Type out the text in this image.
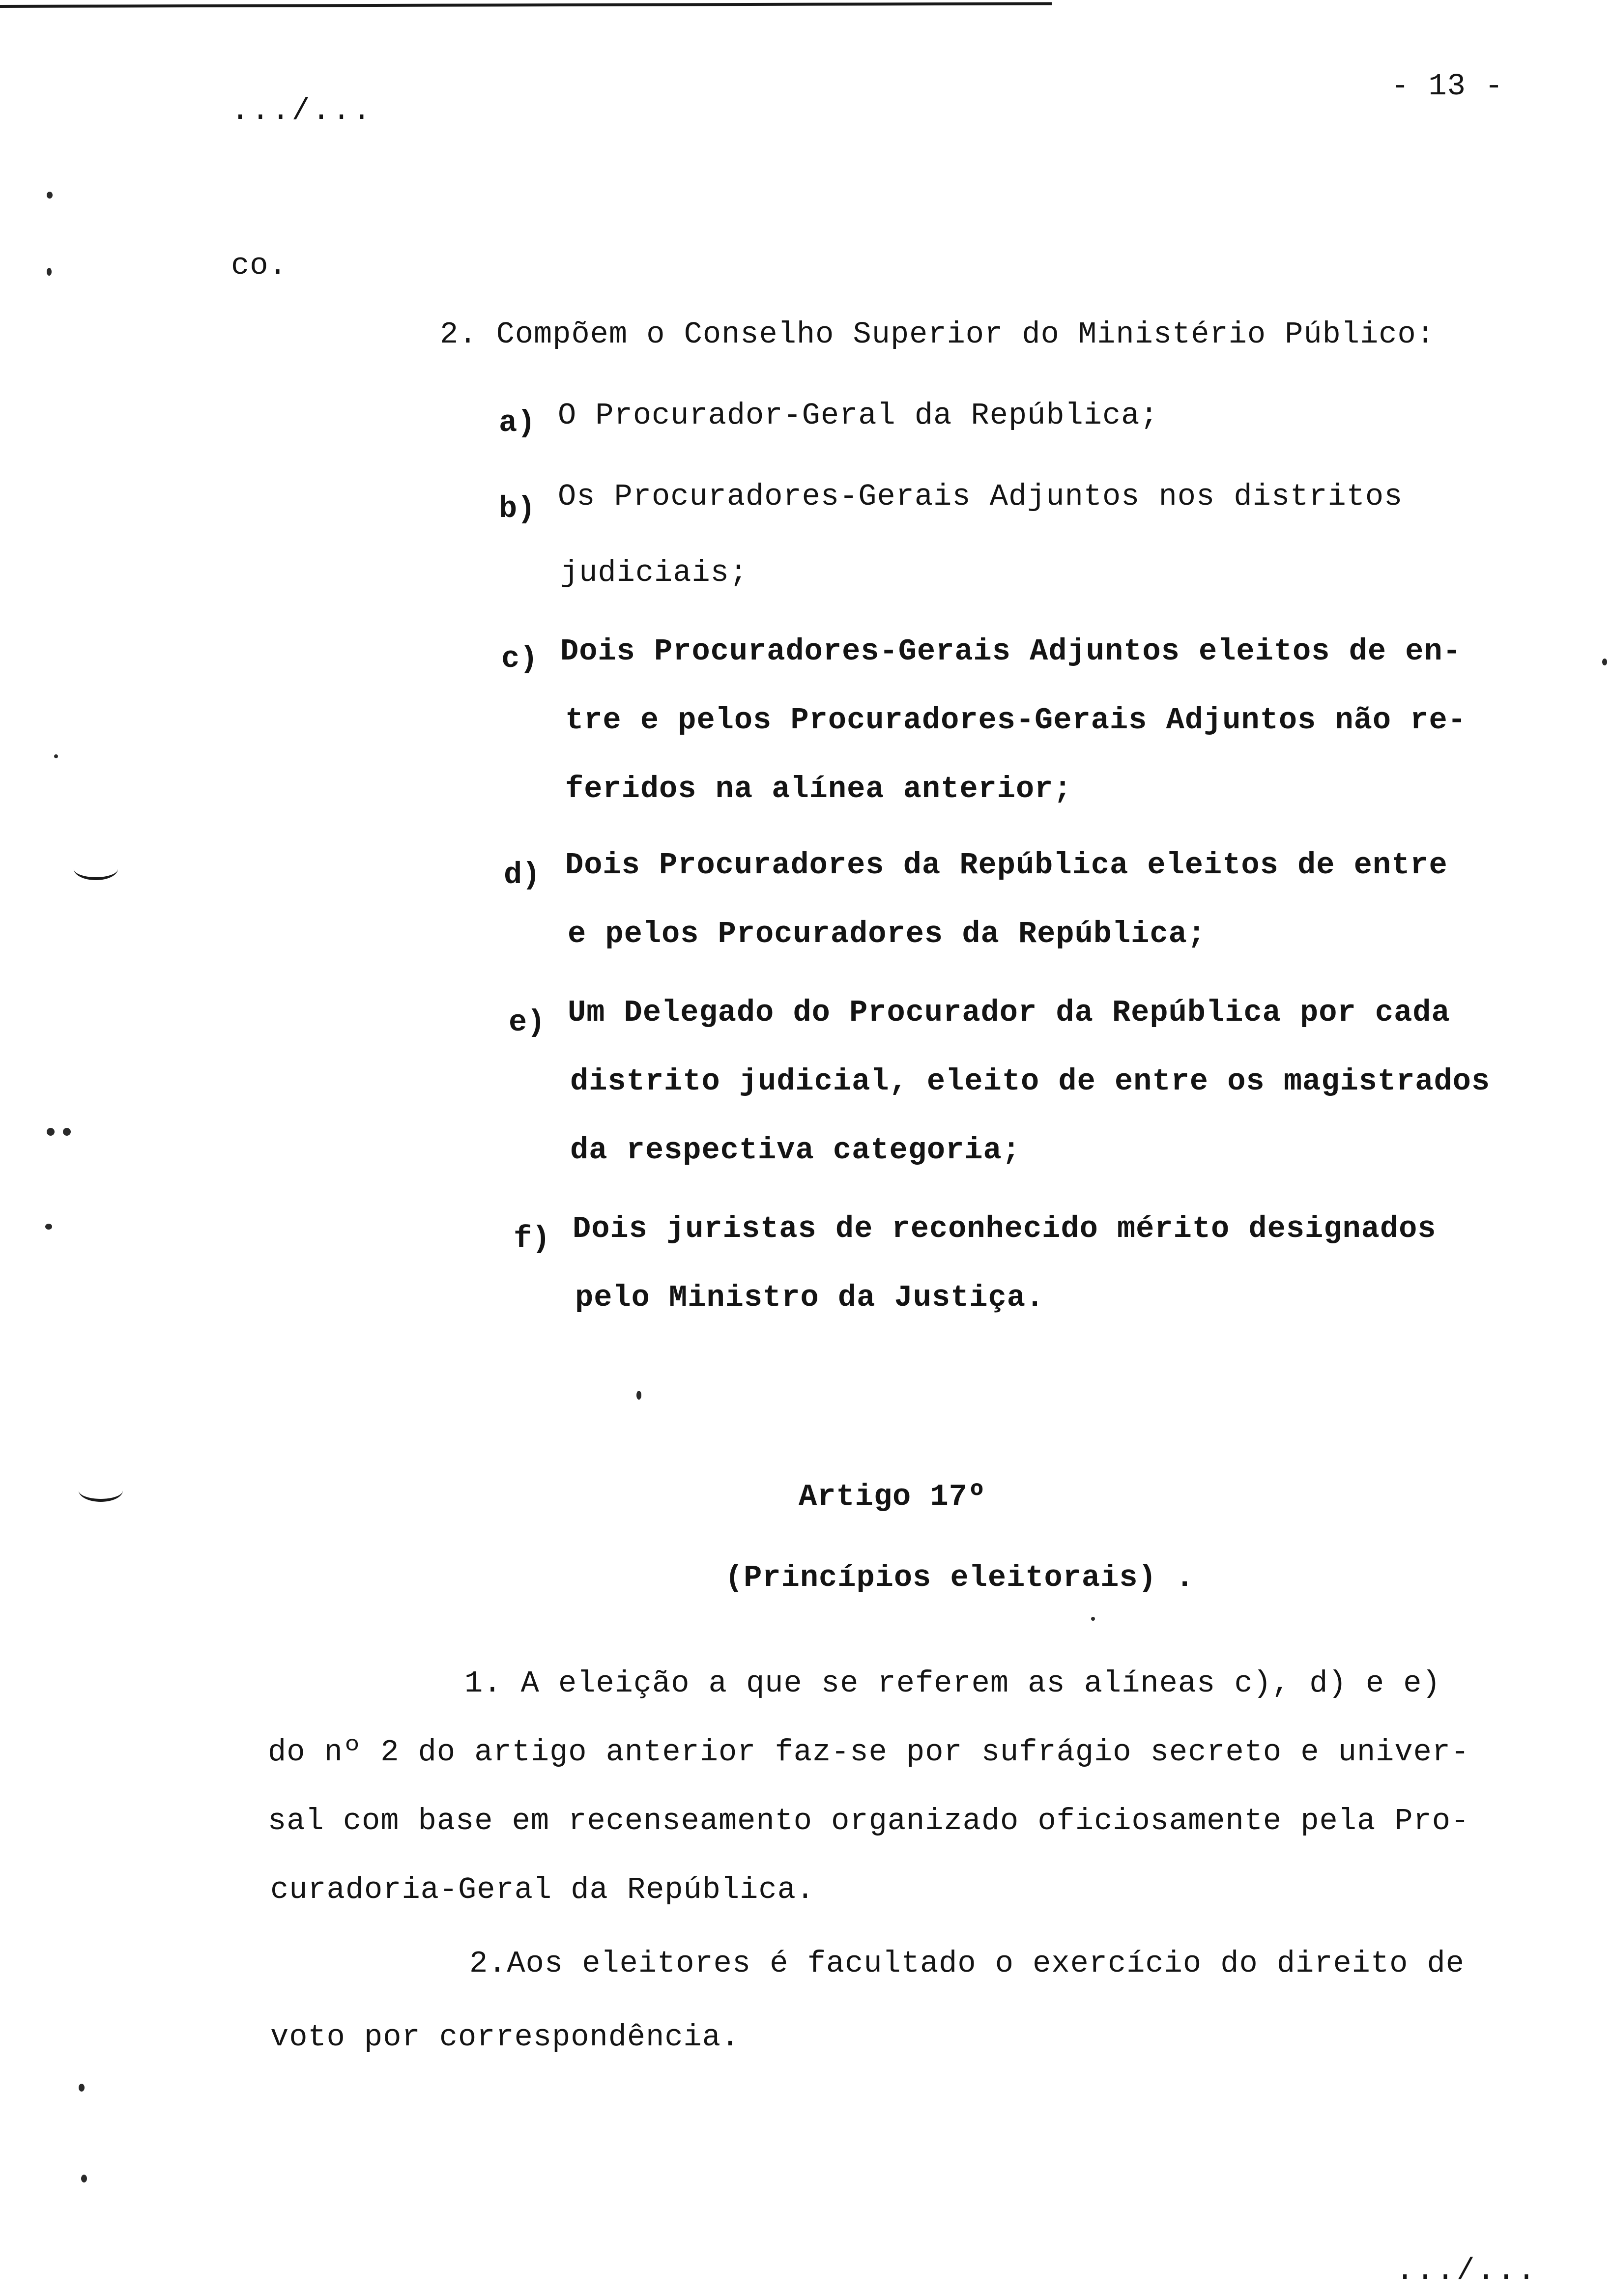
- 13 -
.../...
co.
2. Compõem o Conselho Superior do Ministério Público:
a) O Procurador-Geral da República;
b) Os Procuradores-Gerais Adjuntos nos distritos
judiciais;
c) Dois Procuradores-Gerais Adjuntos eleitos de en-
tre e pelos Procuradores-Gerais Adjuntos não re-
feridos na alínea anterior;
d) Dois Procuradores da República eleitos de entre
e pelos Procuradores da República;
e) Um Delegado do Procurador da República por cada
distrito judicial, eleito de entre os magistrados
da respectiva categoria;
f) Dois juristas de reconhecido mérito designados
pelo Ministro da Justiça.
Artigo 17º
(Princípios eleitorais) .
1. A eleição a que se referem as alíneas c), d) e e)
do nº 2 do artigo anterior faz-se por sufrágio secreto e univer-
sal com base em recenseamento organizado oficiosamente pela Pro-
curadoria-Geral da República.
2.Aos eleitores é facultado o exercício do direito de
voto por correspondência.
.../...
